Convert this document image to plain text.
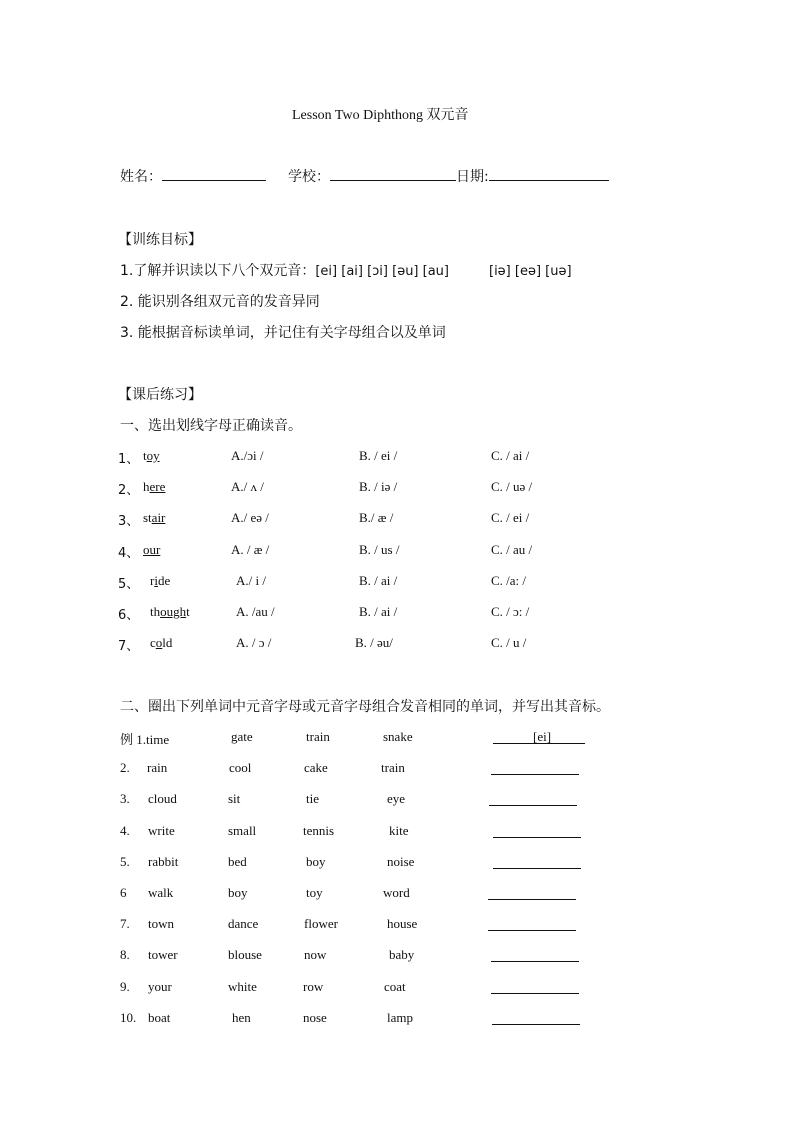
Lesson Two Diphthong 双元音
姓名：	学校：	日期:
【训练目标】
1.了解并识读以下八个双元音：[ei] [ai] [ɔi] [əu] [au]	[iə] [eə] [uə]
2. 能识别各组双元音的发音异同
3. 能根据音标读单词，并记住有关字母组合以及单词
【课后练习】
一、选出划线字母正确读音。
1、 toy	A./ɔi /	B. / ei /	C. / ai /
2、 here	A./ ʌ /	B. / iə /	C. / uə /
3、 stair	A./ eə /	B./ æ /	C. / ei /
4、 our	A. / æ /	B. / us /	C. / au /
5、 ride	A./ i /	B. / ai /	C. /a: /
6、 thought	A. /au /	B. / ai /	C. / ɔ: /
7、 cold	A. / ɔ /	B. / əu/	C. / u /
二、圈出下列单词中元音字母或元音字母组合发音相同的单词，并写出其音标。
例 1.time	gate	train	snake	[ei]
2. rain	cool	cake	train
3. cloud	sit	tie	eye
4. write	small	tennis	kite
5. rabbit	bed	boy	noise
6 walk	boy	toy	word
7. town	dance	flower	house
8. tower	blouse	now	baby
9. your	white	row	coat
10. boat	hen	nose	lamp
